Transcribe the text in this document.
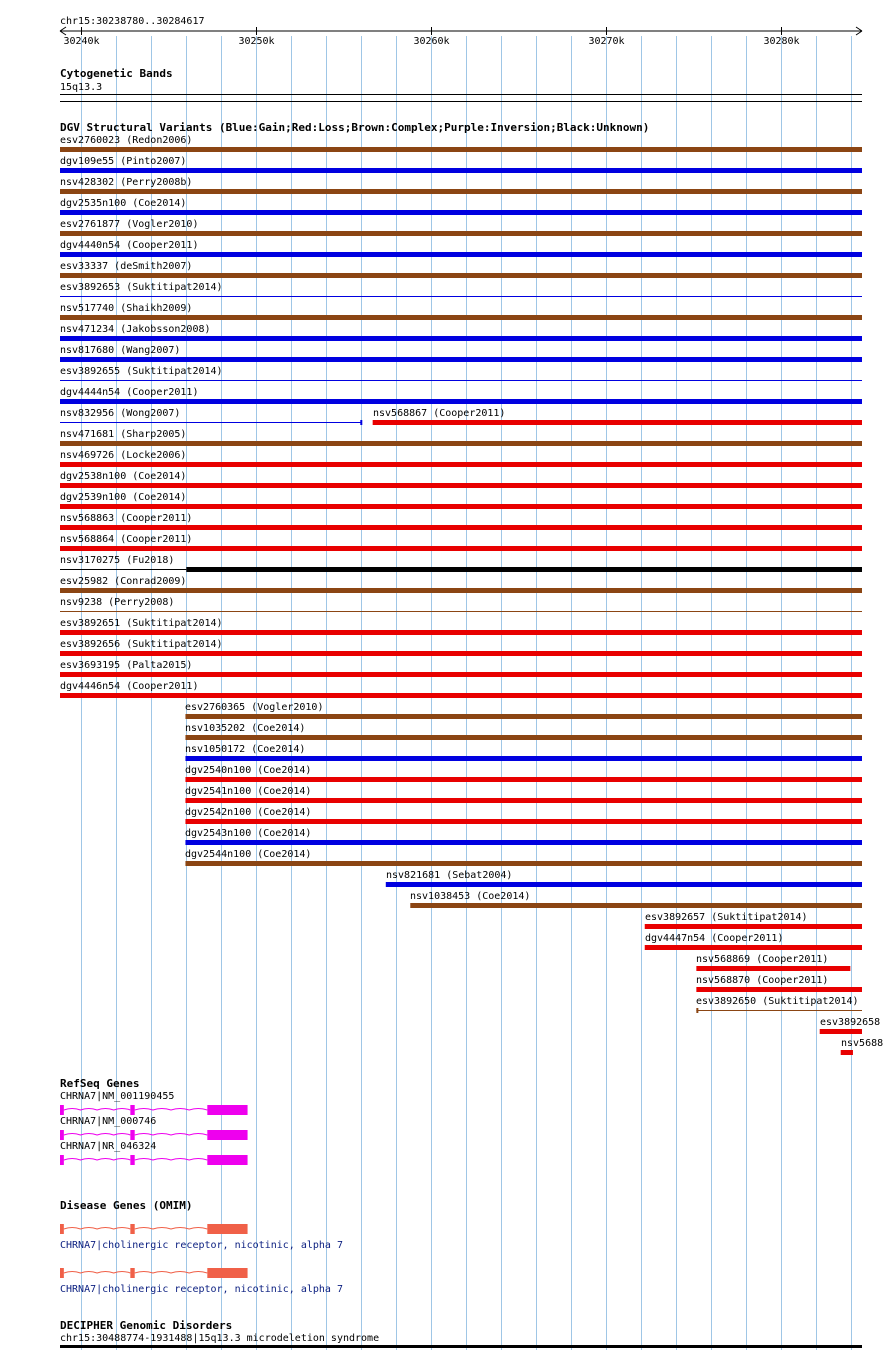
chr15:30238780..30284617
30240k	30250k	30260k	30270k	30280k
Cytogenetic Bands
15q13.3
DGV Structural Variants (Blue:Gain;Red:Loss;Brown:Complex;Purple:Inversion;Black:Unknown)
esv2760023 (Redon2006)
dgv109e55 (Pinto2007)
nsv428302 (Perry2008b)
dgv2535n100 (Coe2014)
esv2761877 (Vogler2010)
dgv4440n54 (Cooper2011)
esv33337 (deSmith2007)
esv3892653 (Suktitipat2014)
nsv517740 (Shaikh2009)
nsv471234 (Jakobsson2008)
nsv817680 (Wang2007)
esv3892655 (Suktitipat2014)
dgv4444n54 (Cooper2011)
nsv832956 (Wong2007)	nsv568867 (Cooper2011)
nsv471681 (Sharp2005)
nsv469726 (Locke2006)
dgv2538n100 (Coe2014)
dgv2539n100 (Coe2014)
nsv568863 (Cooper2011)
nsv568864 (Cooper2011)
nsv3170275 (Fu2018)
esv25982 (Conrad2009)
nsv9238 (Perry2008)
esv3892651 (Suktitipat2014)
esv3892656 (Suktitipat2014)
esv3693195 (Palta2015)
dgv4446n54 (Cooper2011)
esv2760365 (Vogler2010)
nsv1035202 (Coe2014)
nsv1050172 (Coe2014)
dgv2540n100 (Coe2014)
dgv2541n100 (Coe2014)
dgv2542n100 (Coe2014)
dgv2543n100 (Coe2014)
dgv2544n100 (Coe2014)
nsv821681 (Sebat2004)
nsv1038453 (Coe2014)
esv3892657 (Suktitipat2014)
dgv4447n54 (Cooper2011)
nsv568869 (Cooper2011)
nsv568870 (Cooper2011)
esv3892650 (Suktitipat2014)
esv3892658
nsv5688
RefSeq Genes
CHRNA7|NM_001190455
CHRNA7|NM_000746
CHRNA7|NR_046324
Disease Genes (OMIM)
CHRNA7|cholinergic receptor, nicotinic, alpha 7
CHRNA7|cholinergic receptor, nicotinic, alpha 7
DECIPHER Genomic Disorders
chr15:30488774-1931488|15q13.3 microdeletion syndrome
